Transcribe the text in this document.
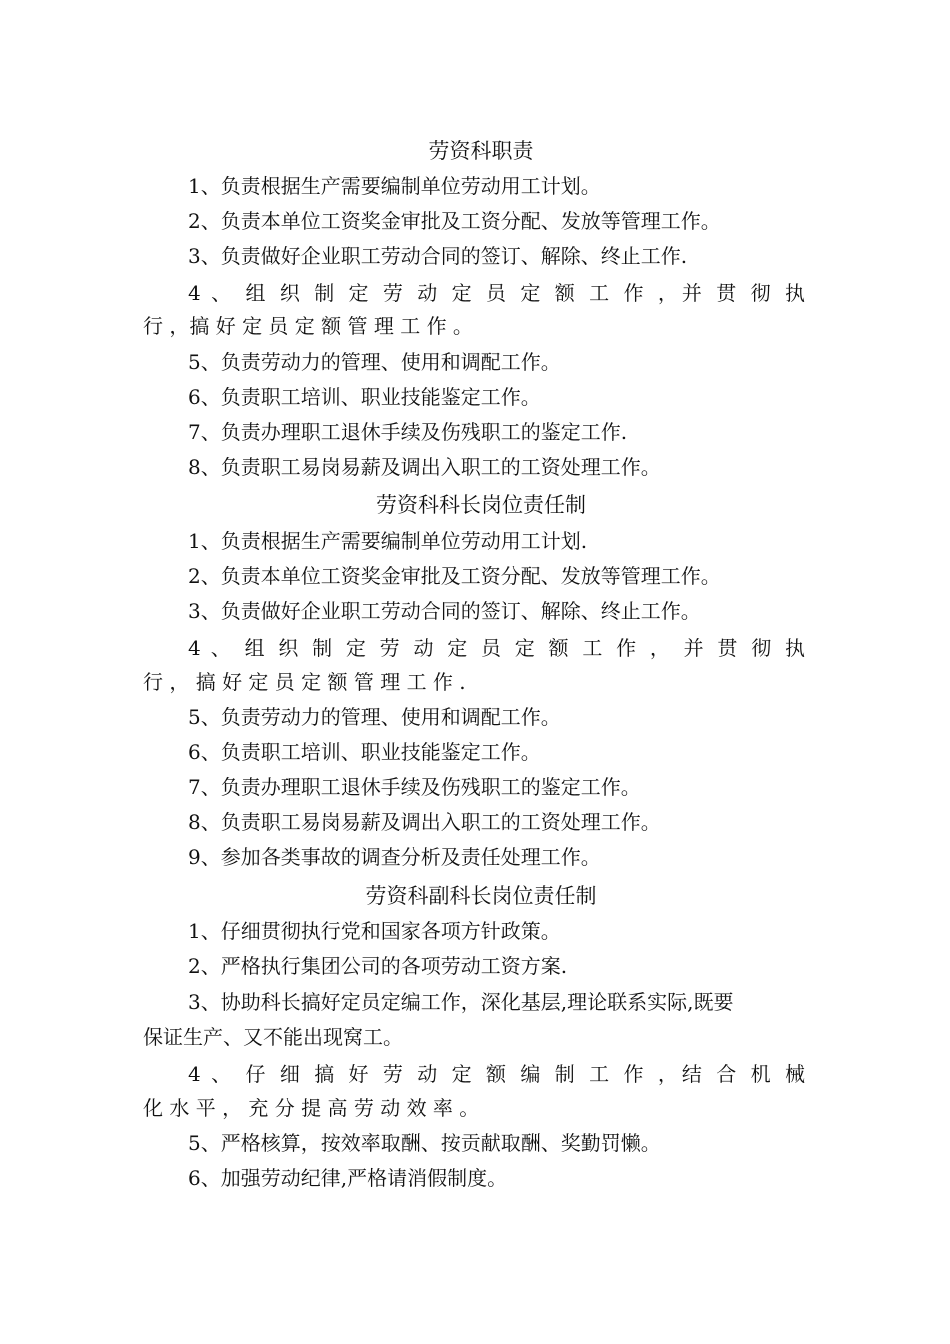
劳资科职责
1、负责根据生产需要编制单位劳动用工计划。
2、负责本单位工资奖金审批及工资分配、发放等管理工作。
3、负责做好企业职工劳动合同的签订、解除、终止工作.
4 、 组 织 制 定 劳 动 定 员 定 额 工 作 ，并 贯 彻 执
行 ，搞 好 定 员 定 额 管 理 工 作 。
5、负责劳动力的管理、使用和调配工作。
6、负责职工培训、职业技能鉴定工作。
7、负责办理职工退休手续及伤残职工的鉴定工作.
8、负责职工易岗易薪及调出入职工的工资处理工作。
劳资科科长岗位责任制
1、负责根据生产需要编制单位劳动用工计划.
2、负责本单位工资奖金审批及工资分配、发放等管理工作。
3、负责做好企业职工劳动合同的签订、解除、终止工作。
4 、 组 织 制 定 劳 动 定 员 定 额 工 作 ， 并 贯 彻 执
行 ， 搞 好 定 员 定 额 管 理 工 作 .
5、负责劳动力的管理、使用和调配工作。
6、负责职工培训、职业技能鉴定工作。
7、负责办理职工退休手续及伤残职工的鉴定工作。
8、负责职工易岗易薪及调出入职工的工资处理工作。
9、参加各类事故的调查分析及责任处理工作。
劳资科副科长岗位责任制
1、仔细贯彻执行党和国家各项方针政策。
2、严格执行集团公司的各项劳动工资方案.
3、协助科长搞好定员定编工作，深化基层,理论联系实际,既要
保证生产、又不能出现窝工。
4 、 仔 细 搞 好 劳 动 定 额 编 制 工 作 ，结 合 机 械
化 水 平 ， 充 分 提 高 劳 动 效 率 。
5、严格核算，按效率取酬、按贡献取酬、奖勤罚懒。
6、加强劳动纪律,严格请消假制度。
